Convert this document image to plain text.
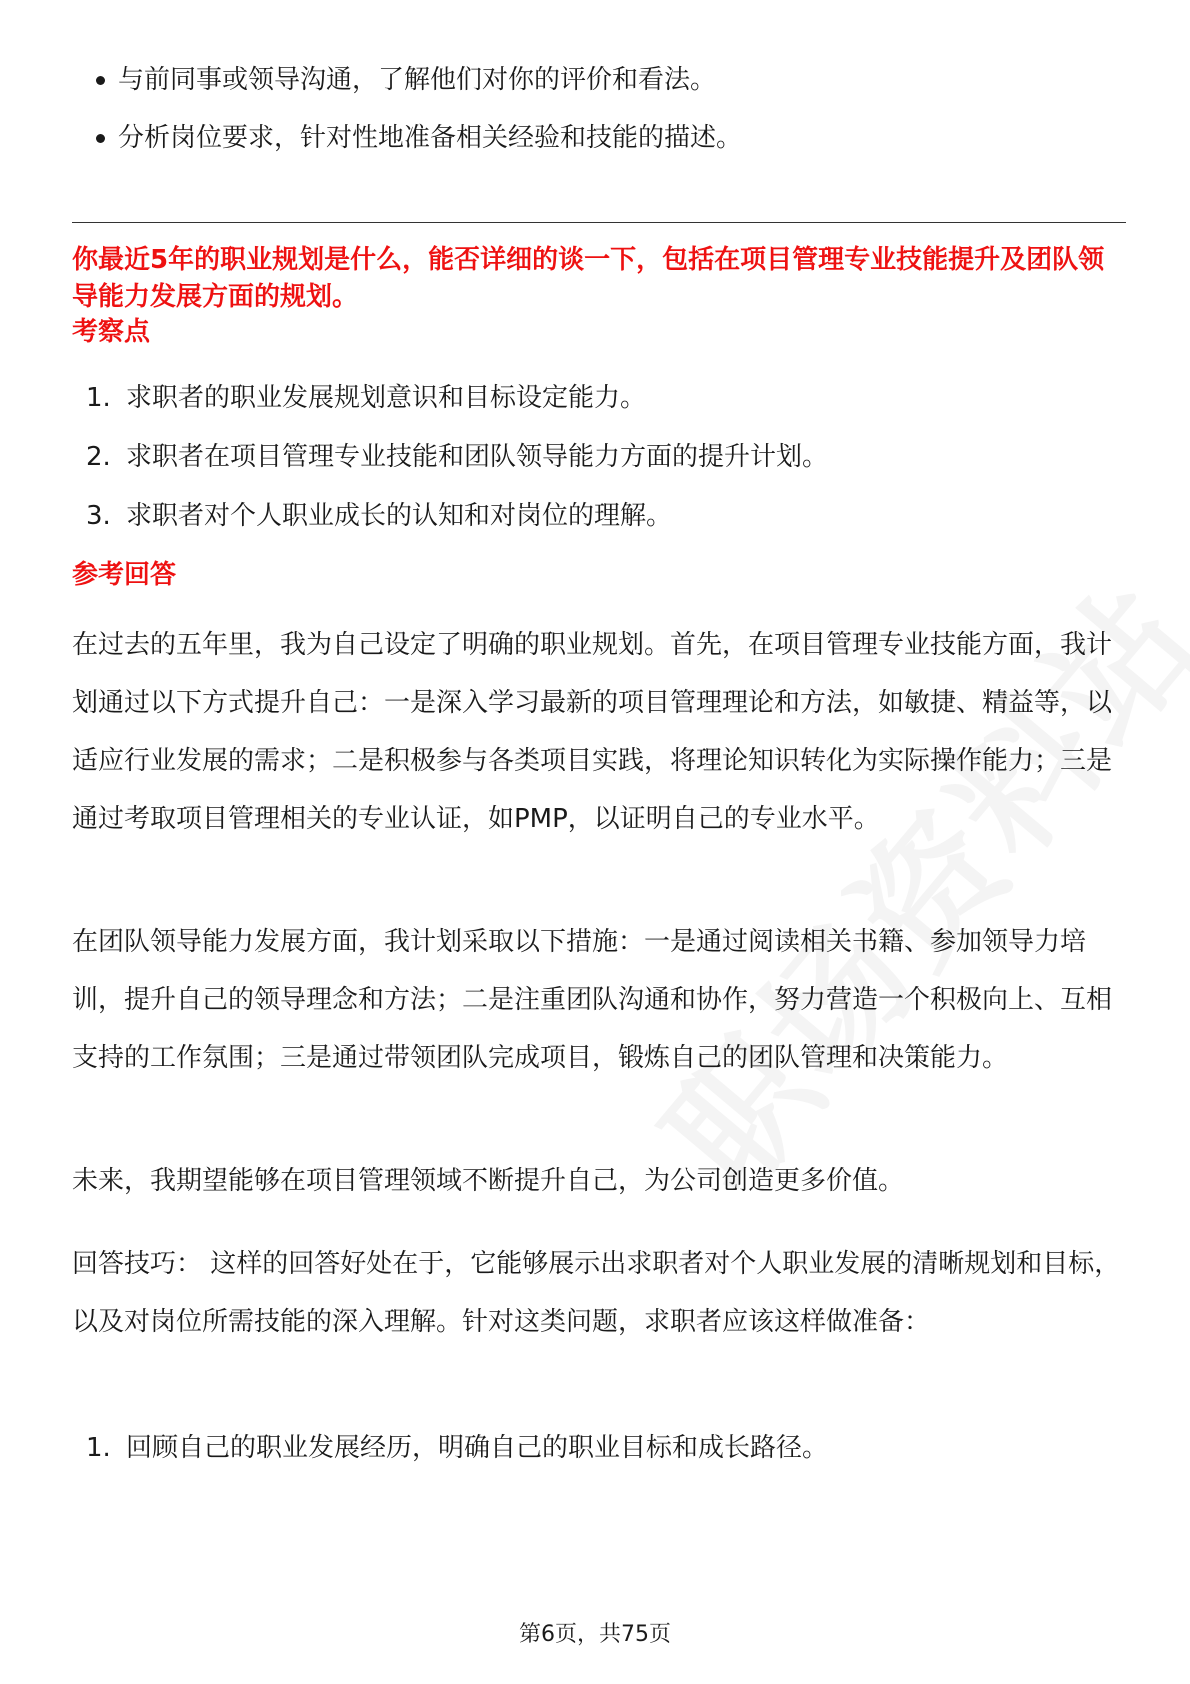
与前同事或领导沟通，了解他们对你的评价和看法。
分析岗位要求，针对性地准备相关经验和技能的描述。
你最近5年的职业规划是什么，能否详细的谈一下，包括在项目管理专业技能提升及团队领导能力发展方面的规划。
考察点
1. 求职者的职业发展规划意识和目标设定能力。
2. 求职者在项目管理专业技能和团队领导能力方面的提升计划。
3. 求职者对个人职业成长的认知和对岗位的理解。
参考回答

在过去的五年里，我为自己设定了明确的职业规划。首先，在项目管理专业技能方面，我计划通过以下方式提升自己：一是深入学习最新的项目管理理论和方法，如敏捷、精益等，以适应行业发展的需求；二是积极参与各类项目实践，将理论知识转化为实际操作能力；三是通过考取项目管理相关的专业认证，如PMP，以证明自己的专业水平。

在团队领导能力发展方面，我计划采取以下措施：一是通过阅读相关书籍、参加领导力培训，提升自己的领导理念和方法；二是注重团队沟通和协作，努力营造一个积极向上、互相支持的工作氛围；三是通过带领团队完成项目，锻炼自己的团队管理和决策能力。

未来，我期望能够在项目管理领域不断提升自己，为公司创造更多价值。

回答技巧： 这样的回答好处在于，它能够展示出求职者对个人职业发展的清晰规划和目标，以及对岗位所需技能的深入理解。针对这类问题，求职者应该这样做准备：

1. 回顾自己的职业发展经历，明确自己的职业目标和成长路径。
第6页，共75页
